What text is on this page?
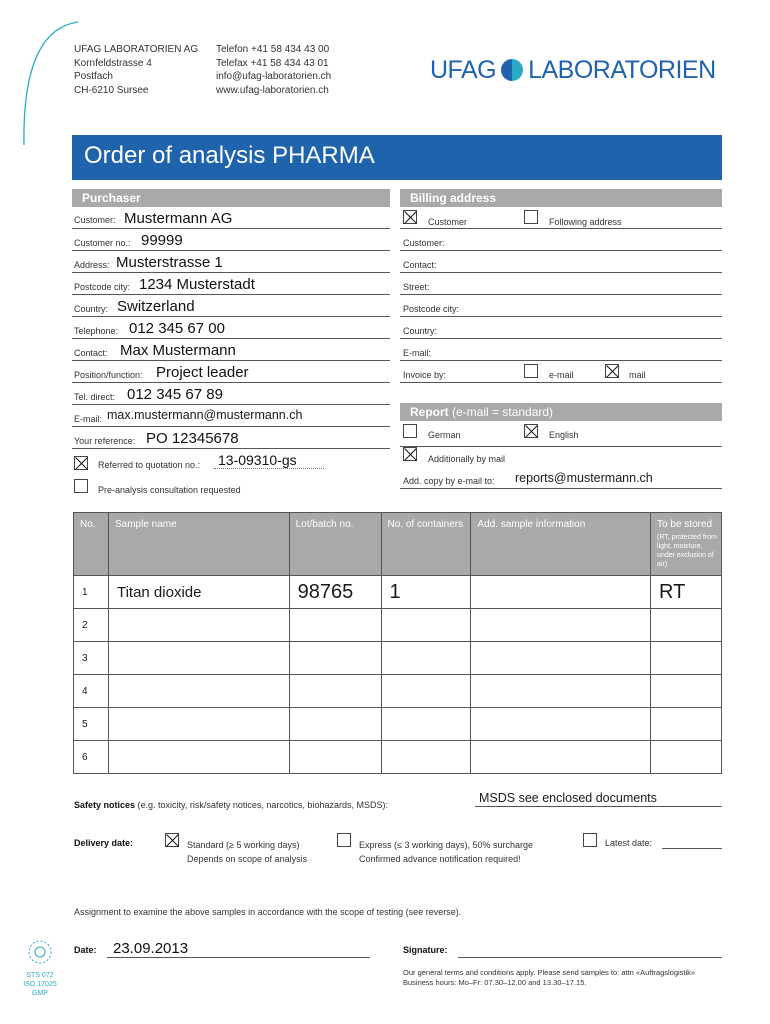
UFAG LABORATORIEN AG
Kornfeldstrasse 4
Postfach
CH-6210 Sursee
Telefon +41 58 434 43 00
Telefax +41 58 434 43 01
info@ufag-laboratorien.ch
www.ufag-laboratorien.ch
UFAG LABORATORIEN
Order of analysis PHARMA
Purchaser	Billing address
Customer: Mustermann AG
Customer no.: 99999
Address: Musterstrasse 1
Postcode city: 1234 Musterstadt
Country: Switzerland
Telephone: 012 345 67 00
Contact: Max Mustermann
Position/function: Project leader
Tel. direct: 012 345 67 89
E-mail: max.mustermann@mustermann.ch
Your reference: PO 12345678
Referred to quotation no.: 13-09310-gs
Pre-analysis consultation requested
Customer	Following address
Customer:
Contact:
Street:
Postcode city:
Country:
E-mail:
Invoice by:	e-mail	mail
Report (e-mail = standard)
German	English
Additionally by mail
Add. copy by e-mail to: reports@mustermann.ch
No.	Sample name	Lot/batch no.	No. of containers	Add. sample information	To be stored
(RT, protected from light, moisture, under exclusion of air)

1	Titan dioxide	98765	1		RT
2					
3					
4					
5					
6					
Safety notices (e.g. toxicity, risk/safety notices, narcotics, biohazards, MSDS):	MSDS see enclosed documents
Delivery date:	Standard (≥ 5 working days)
Depends on scope of analysis
Express (≤ 3 working days), 50% surcharge
Confirmed advance notification required!
Latest date:
Assignment to examine the above samples in accordance with the scope of testing (see reverse).
STS 072
ISO 17025
GMP
Date: 23.09.2013	Signature:
Our general terms and conditions apply. Please send samples to: attn «Auftragslogistik»
Business hours: Mo–Fr: 07.30–12.00 and 13.30–17.15.
